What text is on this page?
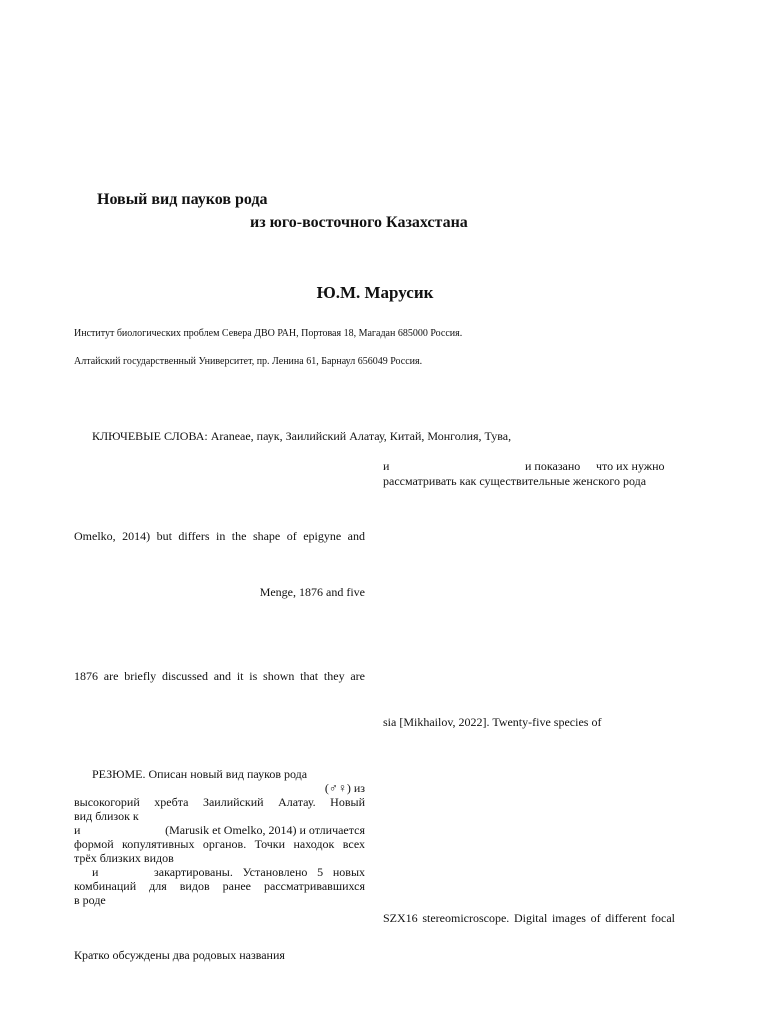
Новый вид пауков рода
из юго-восточного Казахстана
Ю.М. Марусик
Институт биологических проблем Севера ДВО РАН, Портовая 18, Магадан 685000 Россия.
Алтайский государственный Университет, пр. Ленина 61, Барнаул 656049 Россия.
КЛЮЧЕВЫЕ СЛОВА: Araneae, паук, Заилийский Алатау, Китай, Монголия, Тува,
и	и показано что их нужно
рассматривать как существительные женского рода
Omelko, 2014) but differs in the shape of epigyne and
Menge, 1876 and five
1876 are briefly discussed and it is shown that they are
sia [Mikhailov, 2022]. Twenty-five species of
РЕЗЮМЕ. Описан новый вид пауков рода
(♂♀) из
высокогорий хребта Заилийский Алатау. Новый
вид близок к
и	(Marusik et Omelko, 2014) и отличается
формой копулятивных органов. Точки находок всех
трёх близких видов
и	закартированы. Установлено 5 новых
комбинаций для видов ранее рассматривавшихся
в роде
SZX16 stereomicroscope. Digital images of different focal
Кратко обсуждены два родовых названия
